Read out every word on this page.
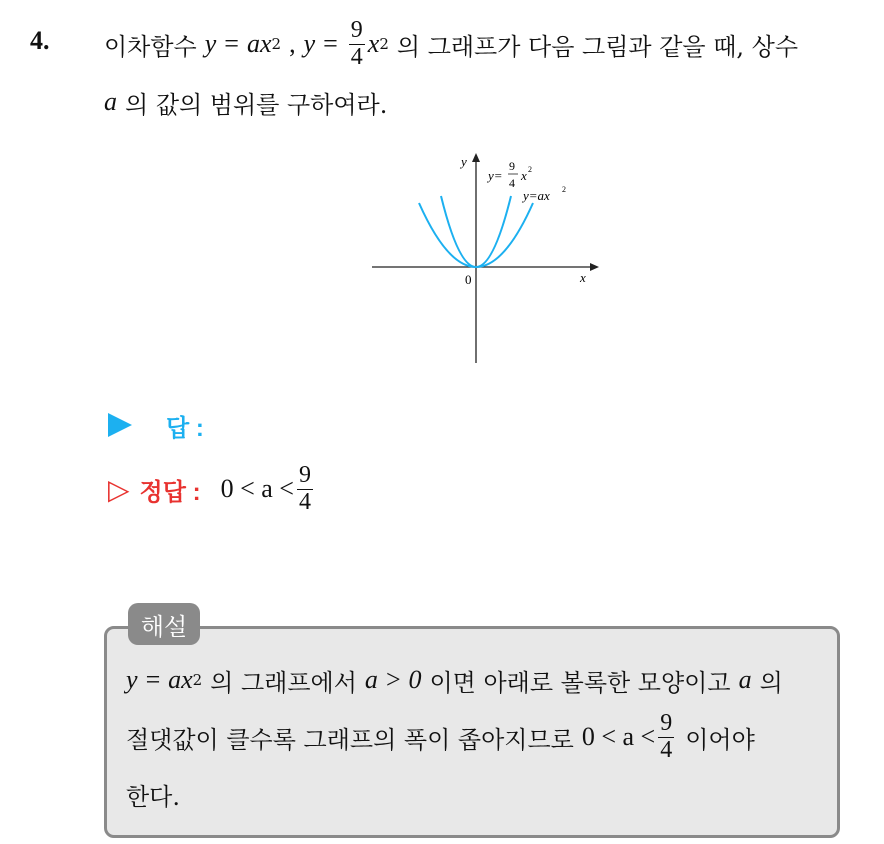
4. 이차함수 y = ax 2 , $y = \frac{9}{4}$ x 2 의 그래프가 다음 그림과 같을 때, 상수
a 의 값의 범위를 구하여라.
y
x
0
y=
9
4 x 2
y=ax 2
답 :
▷ 정답 : $0 < a < \frac{9}{4}$
해설
y = ax 2 의 그래프에서 a > 0 이면 아래로 볼록한 모양이고 a 의
절댓값이 클수록 그래프의 폭이 좁아지므로 $0 < a < \frac{9}{4}$ 이어야
한다.
